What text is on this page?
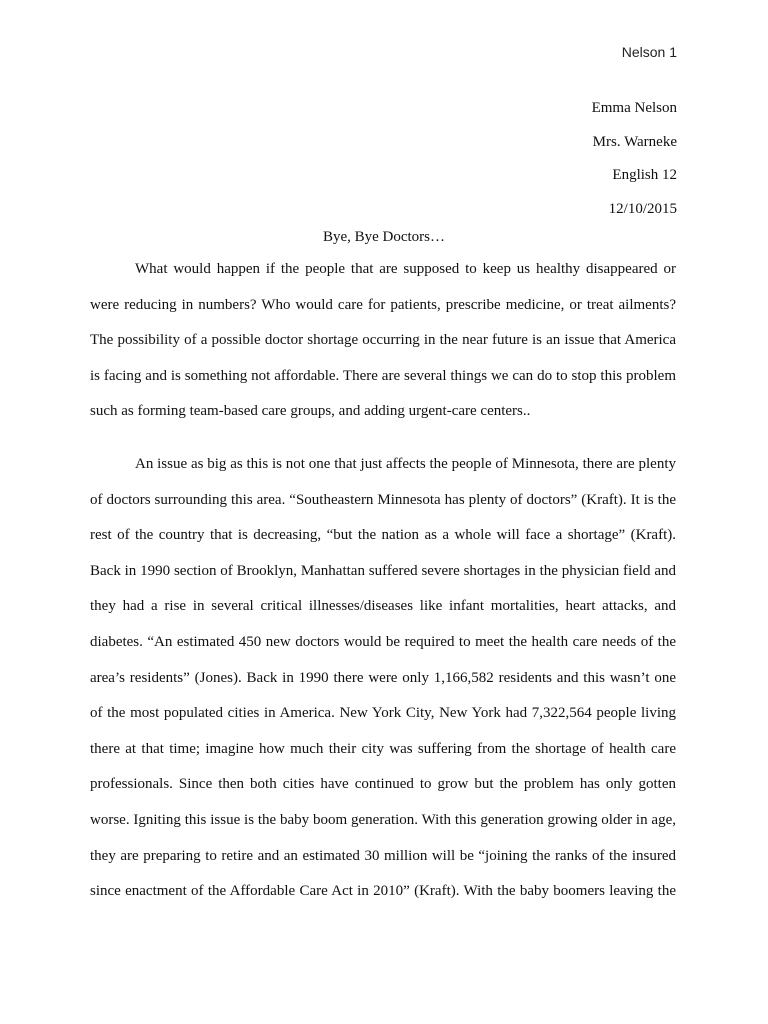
Nelson 1
Emma Nelson
Mrs. Warneke
English 12
12/10/2015
Bye, Bye Doctors…
What would happen if the people that are supposed to keep us healthy disappeared or
were reducing in numbers? Who would care for patients, prescribe medicine, or treat ailments?
The possibility of a possible doctor shortage occurring in the near future is an issue that America
is facing and is something not affordable. There are several things we can do to stop this problem
such as forming team-based care groups, and adding urgent-care centers..
An issue as big as this is not one that just affects the people of Minnesota, there are plenty
of doctors surrounding this area. “Southeastern Minnesota has plenty of doctors” (Kraft). It is the
rest of the country that is decreasing, “but the nation as a whole will face a shortage” (Kraft).
Back in 1990 section of Brooklyn, Manhattan suffered severe shortages in the physician field and
they had a rise in several critical illnesses/diseases like infant mortalities, heart attacks, and
diabetes. “An estimated 450 new doctors would be required to meet the health care needs of the
area’s residents” (Jones). Back in 1990 there were only 1,166,582 residents and this wasn’t one
of the most populated cities in America. New York City, New York had 7,322,564 people living
there at that time; imagine how much their city was suffering from the shortage of health care
professionals. Since then both cities have continued to grow but the problem has only gotten
worse. Igniting this issue is the baby boom generation. With this generation growing older in age,
they are preparing to retire and an estimated 30 million will be “joining the ranks of the insured
since enactment of the Affordable Care Act in 2010” (Kraft). With the baby boomers leaving the
